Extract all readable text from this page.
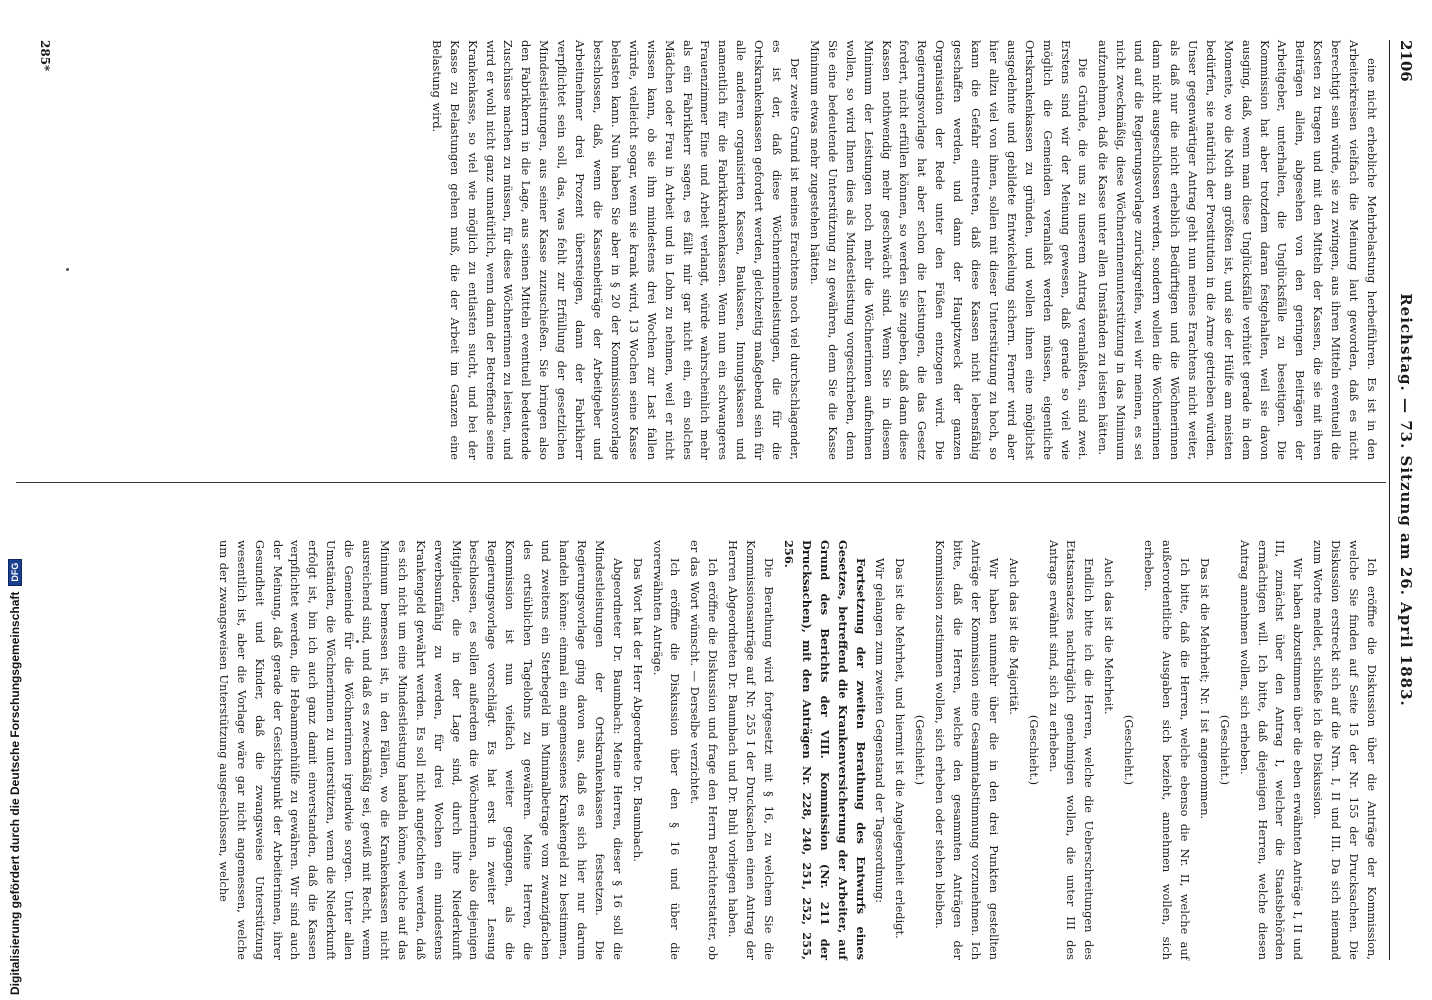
2106
Reichstag. — 73. Sitzung am 26. April 1883.

eine nicht erhebliche Mehrbelastung herbeiführen. Es ist in den Arbeiterkreisen vielfach die Meinung laut geworden, daß es nicht berechtigt sein würde, sie zu zwingen, aus ihren Mitteln eventuell die Kosten zu tragen und mit den Mitteln der Kassen, die sie mit ihren Beiträgen allein, abgesehen von den geringen Beiträgen der Arbeitgeber, unterhalten, die Unglücksfälle zu beseitigen. Die Kommission hat aber trotzdem daran festgehalten, weil sie davon ausging, daß, wenn man diese Unglücksfälle verhütet gerade in dem Momente, wo die Noth am größten ist, und sie der Hülfe am meisten bedürfen, sie natürlich der Prostitution in die Arme getrieben würden. Unser gegenwärtiger Antrag geht nun meines Erachtens nicht weiter, als daß nur die nicht erheblich Bedürftigen und die Wöchnerinnen dann nicht ausgeschlossen werden, sondern wollen die Wöchnerinnen und auf die Regierungsvorlage zurückgreifen, weil wir meinen, es sei nicht zweckmäßig, diese Wöchnerinnenunterstützung in das Minimum aufzunehmen, daß die Kasse unter allen Umständen zu leisten hätten.

Die Gründe, die uns zu unserem Antrag veranlaßten, sind zwei. Erstens sind wir der Meinung gewesen, daß gerade so viel wie möglich die Gemeinden veranlaßt werden müssen, eigentliche Ortskrankenkassen zu gründen, und wollen ihnen eine möglichst ausgedehnte und gebildete Entwickelung sichern. Ferner wird aber hier allzu viel von ihnen, sollen mit dieser Unterstützung zu hoch, so kann die Gefahr eintreten, daß diese Kassen nicht lebensfähig geschaffen werden, und dann der Hauptzweck der ganzen Organisation der Rede unter den Füßen entzogen wird. Die Regierungsvorlage hat aber schon die Leistungen, die das Gesetz fordert, nicht erfüllen können, so werden Sie zugeben, daß dann diese Kassen nothwendig mehr geschwächt sind. Wenn Sie in diesem Minimum der Leistungen noch mehr die Wöchnerinnen aufnehmen wollen, so wird Ihnen dies als Mindestleistung vorgeschrieben, denn Sie eine bedeutende Unterstützung zu gewähren, denn Sie die Kasse Minimum etwas mehr zugestehen hätten.

Der zweite Grund ist meines Erachtens noch viel durchschlagender, es ist der, daß diese Wöchnerinnenleistungen, die für die Ortskrankenkassen gefordert werden, gleichzeitig maßgebend sein für alle anderen organisirten Kassen, Baukassen, Innungskassen und namentlich für die Fabrikkrankenkassen. Wenn nun ein schwangeres Frauenzimmer Eine und Arbeit verlangt, würde wahrscheinlich mehr als ein Fabrikherr sagen, es fällt mir gar nicht ein, ein solches Mädchen oder Frau in Arbeit und in Lohn zu nehmen, weil er nicht wissen kann, ob sie ihm mindestens drei Wochen zur Last fallen würde, vielleicht sogar, wenn sie krank wird, 13 Wochen seine Kasse belasten kann. Nun haben Sie aber in § 20 der Kommissionsvorlage beschlossen, daß, wenn die Kassenbeiträge der Arbeitgeber und Arbeitnehmer drei Prozent übersteigen, dann der Fabrikherr verpflichtet sein soll, das, was fehlt zur Erfüllung der gesetzlichen Mindestleistungen, aus seiner Kasse zuzuschießen. Sie bringen also den Fabrikherrn in die Lage, aus seinen Mitteln eventuell bedeutende Zuschüsse machen zu müssen, für diese Wöchnerinnen zu leisten, und wird er wohl nicht ganz unnatürlich, wenn dann der Betreffende seine Krankenkasse, so viel wie möglich zu entlasten sucht, und bei der Kasse zu Belastungen gehen muß, die der Arbeit im Ganzen eine Belastung wird.

Ich eröffne die Diskussion über die Anträge der Kommission, welche Sie finden auf Seite 15 der Nr. 155 der Drucksachen. Die Diskussion erstreckt sich auf die Nrn. I, II und III. Da sich niemand zum Worte meldet, schließe ich die Diskussion.

Wir haben abzustimmen über die eben erwähnten Anträge I, II und III, zunächst über den Antrag I, welcher die Staatsbehörden ermächtigen will. Ich bitte, daß diejenigen Herren, welche diesen Antrag annehmen wollen, sich erheben.

(Geschieht.)

Das ist die Mehrheit; Nr. I ist angenommen.

Ich bitte, daß die Herren, welche ebenso die Nr. II, welche auf außerordentliche Ausgaben sich bezieht, annehmen wollen, sich erheben.

(Geschieht.)

Auch das ist die Mehrheit.

Endlich bitte ich die Herren, welche die Ueberschreitungen des Etatsansatzes nachträglich genehmigen wollen, die unter III des Antrags erwähnt sind, sich zu erheben.

(Geschieht.)

Auch das ist die Majorität.

Wir haben nunmehr über die in den drei Punkten gestellten Anträge der Kommission eine Gesammtabstimmung vorzunehmen. Ich bitte, daß die Herren, welche den gesammten Anträgen der Kommission zustimmen wollen, sich erheben oder stehen bleiben.

(Geschieht.)

Das ist die Mehrheit, und hiermit ist die Angelegenheit erledigt.

Wir gelangen zum zweiten Gegenstand der Tagesordnung:

Fortsetzung der zweiten Berathung des Entwurfs eines Gesetzes, betreffend die Krankenversicherung der Arbeiter, auf Grund des Berichts der VIII. Kommission (Nr. 211 der Drucksachen), mit den Anträgen Nr. 228, 240, 251, 252, 255, 256.

Die Berathung wird fortgesetzt mit § 16, zu welchem Sie die Kommissionsanträge auf Nr. 255 I der Drucksachen einen Antrag der Herren Abgeordneten Dr. Baumbach und Dr. Buhl vorliegen haben.

Ich eröffne die Diskussion und frage den Herrn Berichterstatter, ob er das Wort wünscht. — Derselbe verzichtet.

Ich eröffne die Diskussion über den § 16 und über die vorerwähnten Anträge.

Das Wort hat der Herr Abgeordnete Dr. Baumbach.

Abgeordneter Dr. Baumbach: Meine Herren, dieser § 16 soll die Mindestleistungen der Ortskrankenkassen festsetzen. Die Regierungsvorlage ging davon aus, daß es sich hier nur darum handeln könne: einmal ein angemessenes Krankengeld zu bestimmen, und zweitens ein Sterbegeld im Minimalbetrage vom zwanzigfachen des ortsüblichen Tagelohns zu gewähren. Meine Herren, die Kommission ist nun vielfach weiter gegangen, als die Regierungsvorlage vorschlägt. Es hat erst in zweiter Lesung beschlossen, es sollen außerdem die Wöchnerinnen, also diejenigen Mitglieder, die in der Lage sind, durch ihre Niederkunft erwerbsunfähig zu werden, für drei Wochen ein mindestens Krankengeld gewährt werden. Es soll nicht angefochten werden, daß es sich nicht um eine Mindestleistung handeln könne, welche auf das Minimum bemessen ist, in den Fällen, wo die Krankenkassen nicht ausreichend sind, und daß es zweckmäßig sei, gewiß mit Recht, wenn die Gemeinde für die Wöchnerinnen irgendwie sorgen. Unter allen Umständen, die Wöchnerinnen zu unterstützen, wenn die Niederkunft erfolgt ist, bin ich auch ganz damit einverstanden, daß die Kassen verpflichtet werden, die Hebammenhülfe zu gewähren. Wir sind auch der Meinung, daß gerade der Gesichtspunkt der Arbeiterinnen, ihrer Gesundheit und Kinder, daß die zwangsweise Unterstützung wesentlich ist, aber die Vorlage wäre gar nicht angemessen, welche um der zwangsweisen Unterstützung ausgeschlossen, welche

285*
Digitalisierung gefördert durch die Deutsche Forschungsgemeinschaft
DFG
